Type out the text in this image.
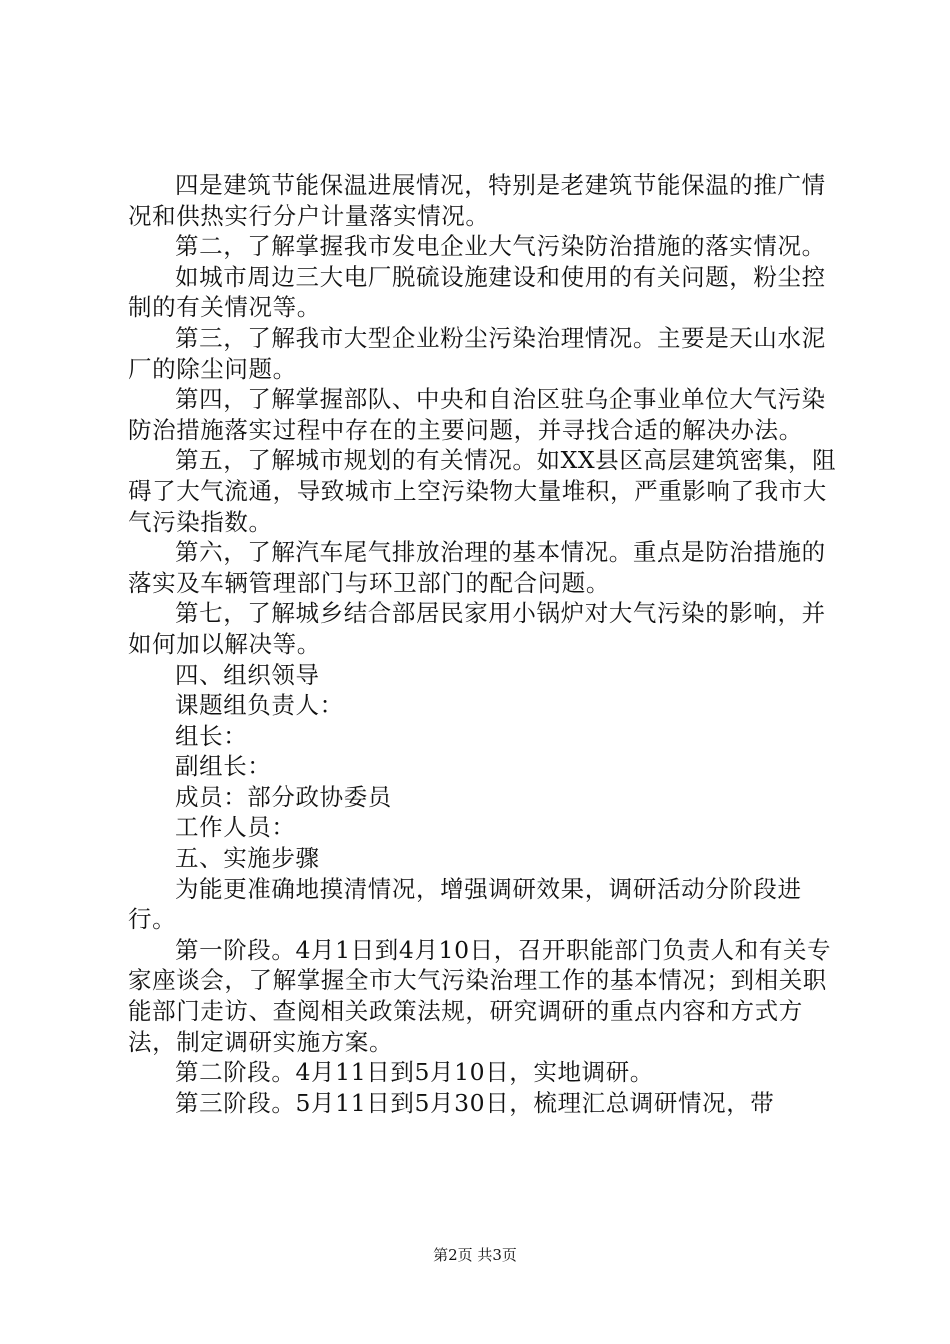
四是建筑节能保温进展情况，特别是老建筑节能保温的推广情况和供热实行分户计量落实情况。

第二，了解掌握我市发电企业大气污染防治措施的落实情况。

如城市周边三大电厂脱硫设施建设和使用的有关问题，粉尘控制的有关情况等。

第三，了解我市大型企业粉尘污染治理情况。主要是天山水泥厂的除尘问题。

第四，了解掌握部队、中央和自治区驻乌企事业单位大气污染防治措施落实过程中存在的主要问题，并寻找合适的解决办法。

第五，了解城市规划的有关情况。如XX县区高层建筑密集，阻碍了大气流通，导致城市上空污染物大量堆积，严重影响了我市大气污染指数。

第六，了解汽车尾气排放治理的基本情况。重点是防治措施的落实及车辆管理部门与环卫部门的配合问题。

第七，了解城乡结合部居民家用小锅炉对大气污染的影响，并如何加以解决等。

四、组织领导

课题组负责人：

组长：

副组长：

成员：部分政协委员

工作人员：

五、实施步骤

为能更准确地摸清情况，增强调研效果，调研活动分阶段进行。

第一阶段。4月1日到4月10日，召开职能部门负责人和有关专家座谈会，了解掌握全市大气污染治理工作的基本情况；到相关职能部门走访、查阅相关政策法规，研究调研的重点内容和方式方法，制定调研实施方案。

第二阶段。4月11日到5月10日，实地调研。

第三阶段。5月11日到5月30日，梳理汇总调研情况，带

第2页 共3页
